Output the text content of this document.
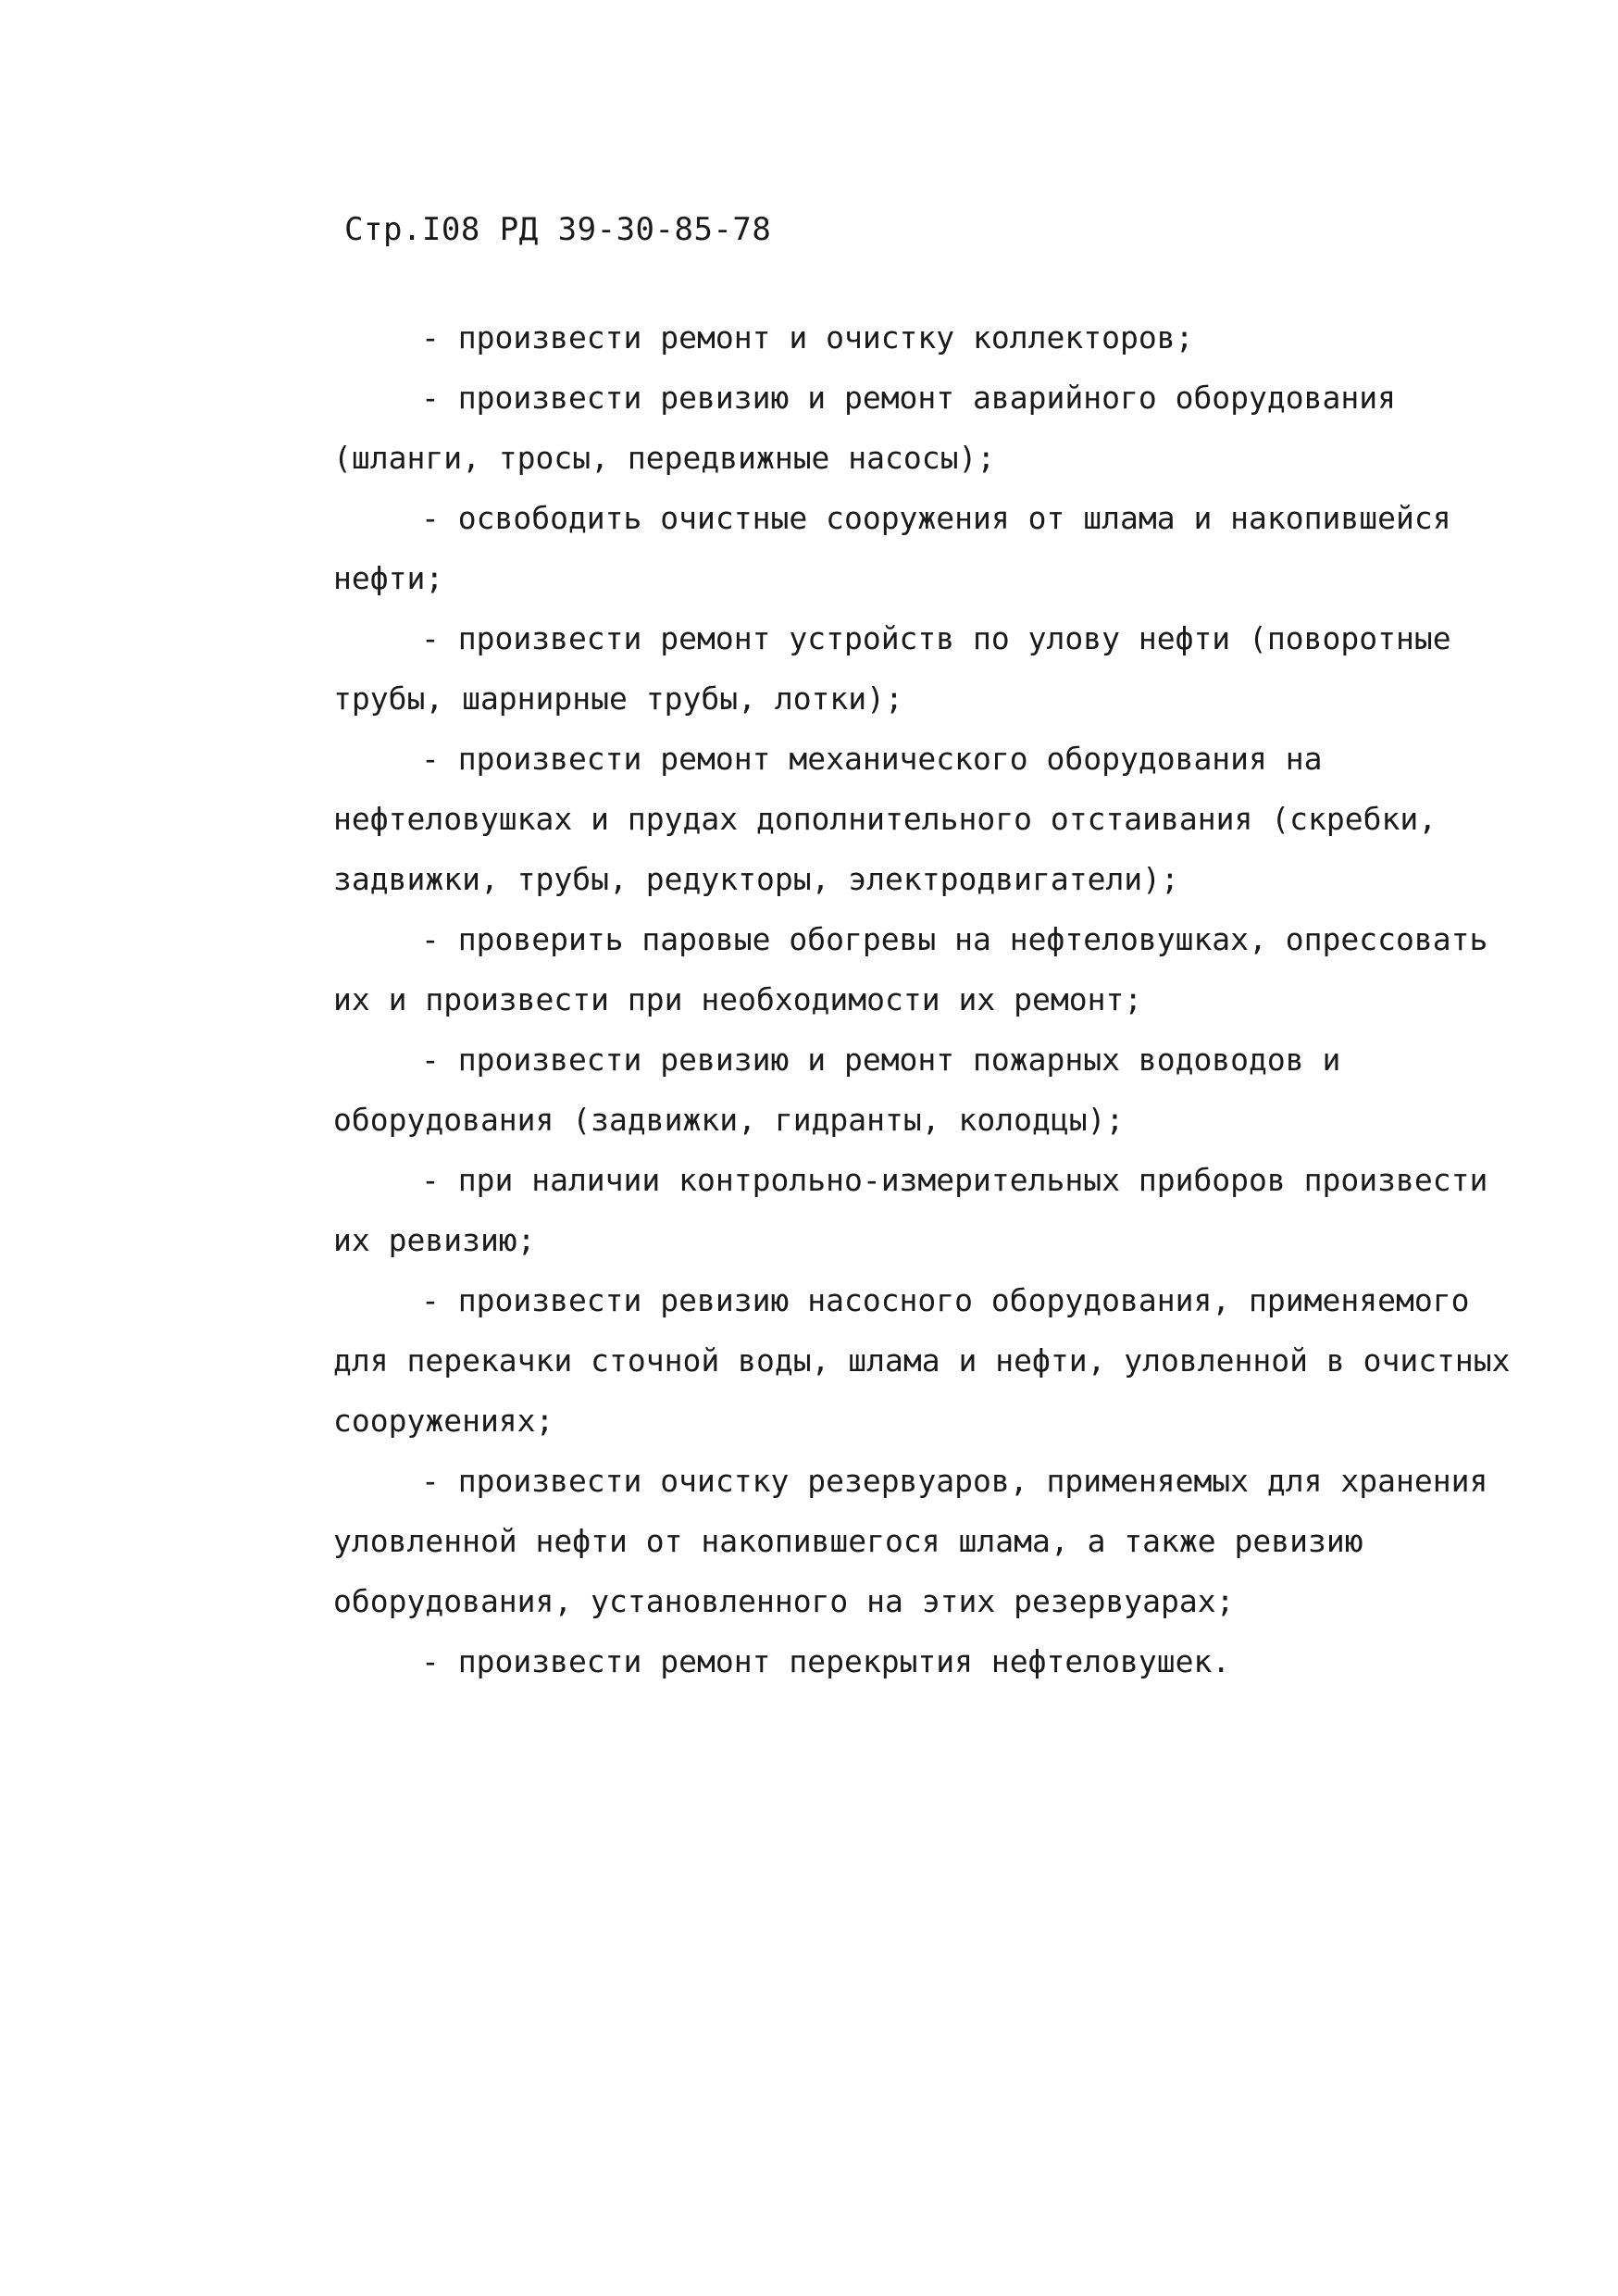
Стр.I08 РД 39-30-85-78

- произвести ремонт и очистку коллекторов;

- произвести ревизию и ремонт аварийного оборудования (шланги, тросы, передвижные насосы);

- освободить очистные сооружения от шлама и накопившейся нефти;

- произвести ремонт устройств по улову нефти (поворотные трубы, шарнирные трубы, лотки);

- произвести ремонт механического оборудования на нефтеловушках и прудах дополнительного отстаивания (скребки, задвижки, трубы, редукторы, электродвигатели);

- проверить паровые обогревы на нефтеловушках, опрессовать их и произвести при необходимости их ремонт;

- произвести ревизию и ремонт пожарных водоводов и оборудования (задвижки, гидранты, колодцы);

- при наличии контрольно-измерительных приборов произвести их ревизию;

- произвести ревизию насосного оборудования, применяемого для перекачки сточной воды, шлама и нефти, уловленной в очистных сооружениях;

- произвести очистку резервуаров, применяемых для хранения уловленной нефти от накопившегося шлама, а также ревизию оборудования, установленного на этих резервуарах;

- произвести ремонт перекрытия нефтеловушек.
